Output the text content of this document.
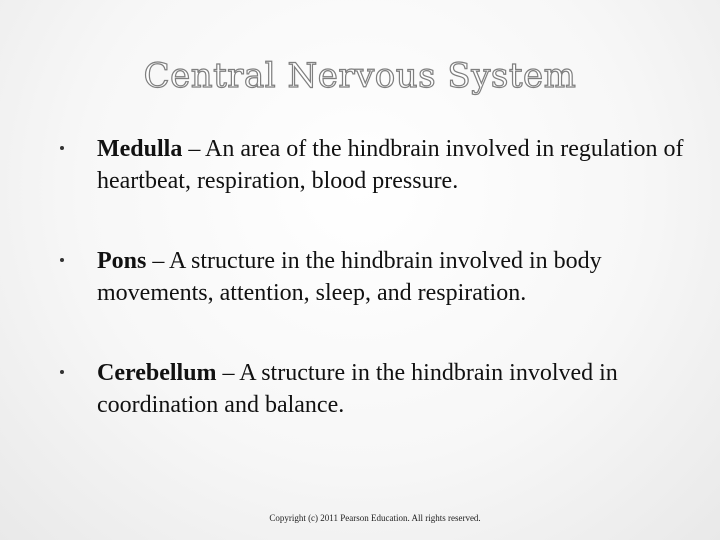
Central Nervous System
Medulla – An area of the hindbrain involved in regulation of heartbeat, respiration, blood pressure.
Pons – A structure in the hindbrain involved in body movements, attention, sleep, and respiration.
Cerebellum – A structure in the hindbrain involved in coordination and balance.
Copyright (c) 2011 Pearson Education. All rights reserved.
